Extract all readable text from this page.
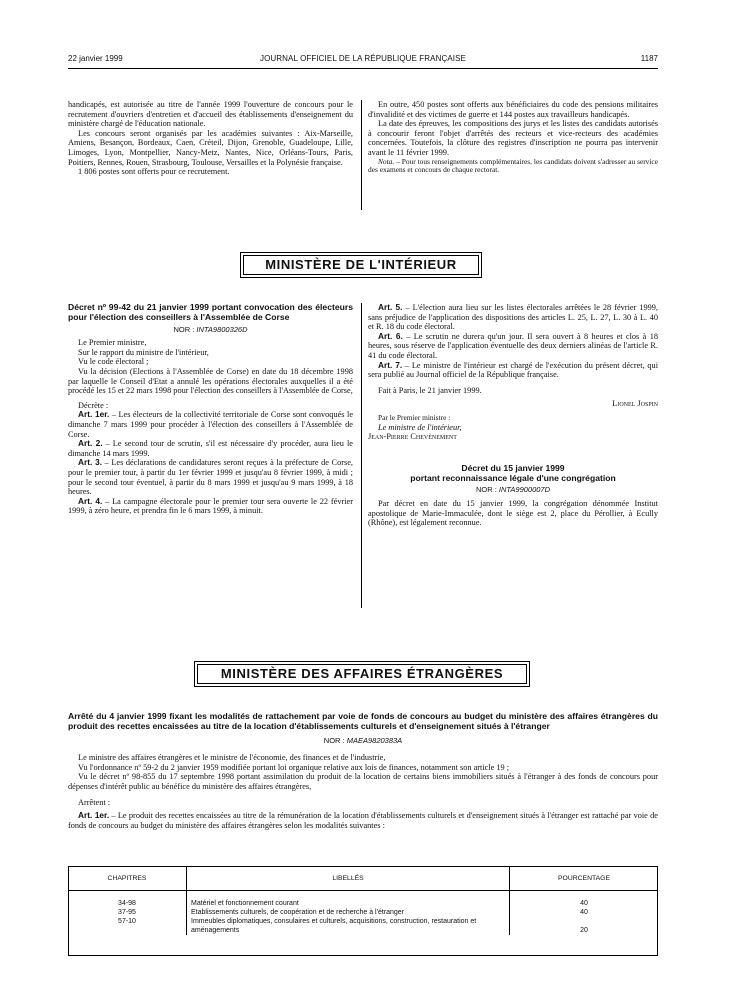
22 janvier 1999	JOURNAL OFFICIEL DE LA RÉPUBLIQUE FRANÇAISE	1187

handicapés, est autorisée au titre de l'année 1999 l'ouverture de concours pour le recrutement d'ouvriers d'entretien et d'accueil des établissements d'enseignement du ministère chargé de l'éducation nationale.

Les concours seront organisés par les académies suivantes : Aix-Marseille, Amiens, Besançon, Bordeaux, Caen, Créteil, Dijon, Grenoble, Guadeloupe, Lille, Limoges, Lyon, Montpellier, Nancy-Metz, Nantes, Nice, Orléans-Tours, Paris, Poitiers, Rennes, Rouen, Strasbourg, Toulouse, Versailles et la Polynésie française.

1 806 postes sont offerts pour ce recrutement.

En outre, 450 postes sont offerts aux bénéficiaires du code des pensions militaires d'invalidité et des victimes de guerre et 144 postes aux travailleurs handicapés.

La date des épreuves, les compositions des jurys et les listes des candidats autorisés à concourir feront l'objet d'arrêtés des recteurs et vice-recteurs des académies concernées. Toutefois, la clôture des registres d'inscription ne pourra pas intervenir avant le 11 février 1999.

Nota. – Pour tous renseignements complémentaires, les candidats doivent s'adresser au service des examens et concours de chaque rectorat.

MINISTÈRE DE L'INTÉRIEUR
Décret nº 99-42 du 21 janvier 1999 portant convocation des électeurs pour l'élection des conseillers à l'Assemblée de Corse
NOR : INTA9800326D

Le Premier ministre,

Sur le rapport du ministre de l'intérieur,

Vu le code électoral ;

Vu la décision (Elections à l'Assemblée de Corse) en date du 18 décembre 1998 par laquelle le Conseil d'Etat a annulé les opérations électorales auxquelles il a été procédé les 15 et 22 mars 1998 pour l'élection des conseillers à l'Assemblée de Corse,

Décrète :

Art. 1er. – Les électeurs de la collectivité territoriale de Corse sont convoqués le dimanche 7 mars 1999 pour procéder à l'élection des conseillers à l'Assemblée de Corse.

Art. 2. – Le second tour de scrutin, s'il est nécessaire d'y procéder, aura lieu le dimanche 14 mars 1999.

Art. 3. – Les déclarations de candidatures seront reçues à la préfecture de Corse, pour le premier tour, à partir du 1er février 1999 et jusqu'au 8 février 1999, à midi ; pour le second tour éventuel, à partir du 8 mars 1999 et jusqu'au 9 mars 1999, à 18 heures.

Art. 4. – La campagne électorale pour le premier tour sera ouverte le 22 février 1999, à zéro heure, et prendra fin le 6 mars 1999, à minuit.

Art. 5. – L'élection aura lieu sur les listes électorales arrêtées le 28 février 1999, sans préjudice de l'application des dispositions des articles L. 25, L. 27, L. 30 à L. 40 et R. 18 du code électoral.

Art. 6. – Le scrutin ne durera qu'un jour. Il sera ouvert à 8 heures et clos à 18 heures, sous réserve de l'application éventuelle des deux derniers alinéas de l'article R. 41 du code électoral.

Art. 7. – Le ministre de l'intérieur est chargé de l'exécution du présent décret, qui sera publié au Journal officiel de la République française.

Fait à Paris, le 21 janvier 1999.

Lionel Jospin

Par le Premier ministre :

Le ministre de l'intérieur,

Jean-Pierre Chevènement

Décret du 15 janvier 1999
portant reconnaissance légale d'une congrégation
NOR : INTA9900007D

Par décret en date du 15 janvier 1999, la congrégation dénommée Institut apostolique de Marie-Immaculée, dont le siège est 2, place du Pérollier, à Ecully (Rhône), est légalement reconnue.

MINISTÈRE DES AFFAIRES ÉTRANGÈRES
Arrêté du 4 janvier 1999 fixant les modalités de rattachement par voie de fonds de concours au budget du ministère des affaires étrangères du produit des recettes encaissées au titre de la location d'établissements culturels et d'enseignement situés à l'étranger
NOR : MAEA9820383A

Le ministre des affaires étrangères et le ministre de l'économie, des finances et de l'industrie,

Vu l'ordonnance nº 59-2 du 2 janvier 1959 modifiée portant loi organique relative aux lois de finances, notamment son article 19 ;

Vu le décret nº 98-855 du 17 septembre 1998 portant assimilation du produit de la location de certains biens immobiliers situés à l'étranger à des fonds de concours pour dépenses d'intérêt public au bénéfice du ministère des affaires étrangères,

Arrêtent :

Art. 1er. – Le produit des recettes encaissées au titre de la rémunération de la location d'établissements culturels et d'enseignement situés à l'étranger est rattaché par voie de fonds de concours au budget du ministère des affaires étrangères selon les modalités suivantes :

CHAPITRES	LIBELLÉS	POURCENTAGE

34-98	Matériel et fonctionnement courant	40
37-95	Etablissements culturels, de coopération et de recherche à l'étranger	40
57-10	Immeubles diplomatiques, consulaires et culturels, acquisitions, construction, restauration et aménagements	20
